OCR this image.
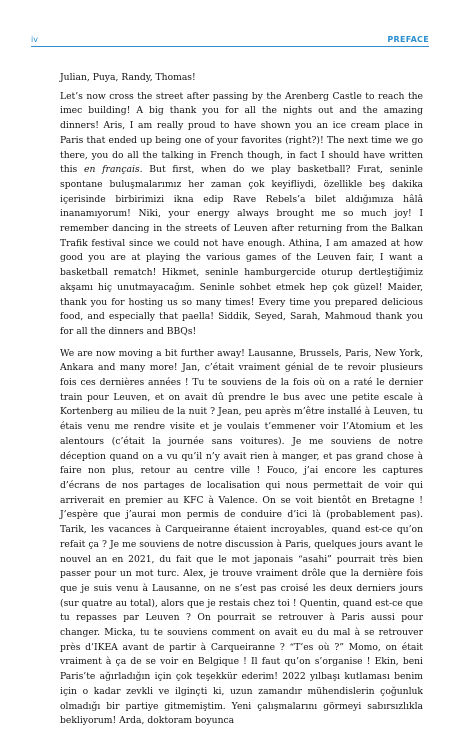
iv	PREFACE

Julian, Puya, Randy, Thomas!

Let’s now cross the street after passing by the Arenberg Castle to reach the imec building! A big thank you for all the nights out and the amazing dinners! Aris, I am really proud to have shown you an ice cream place in Paris that ended up being one of your favorites (right?)! The next time we go there, you do all the talking in French though, in fact I should have written this en français. But first, when do we play basketball? Fırat, seninle spontane buluşmalarımız her zaman çok keyifliydi, özellikle beş dakika içerisinde birbirimizi ikna edip Rave Rebels’a bilet aldığımıza hâlâ inanamıyorum! Niki, your energy always brought me so much joy! I remember dancing in the streets of Leuven after returning from the Balkan Trafik festival since we could not have enough. Athina, I am amazed at how good you are at playing the various games of the Leuven fair, I want a basketball rematch! Hikmet, seninle hamburgercide oturup dertleştiğimiz akşamı hiç unutmayacağım. Seninle sohbet etmek hep çok güzel! Maider, thank you for hosting us so many times! Every time you prepared delicious food, and especially that paella! Siddik, Seyed, Sarah, Mahmoud thank you for all the dinners and BBQs!

We are now moving a bit further away! Lausanne, Brussels, Paris, New York, Ankara and many more! Jan, c’était vraiment génial de te revoir plusieurs fois ces dernières années ! Tu te souviens de la fois où on a raté le dernier train pour Leuven, et on avait dû prendre le bus avec une petite escale à Kortenberg au milieu de la nuit ? Jean, peu après m’être installé à Leuven, tu étais venu me rendre visite et je voulais t’emmener voir l’Atomium et les alentours (c’était la journée sans voitures). Je me souviens de notre déception quand on a vu qu’il n’y avait rien à manger, et pas grand chose à faire non plus, retour au centre ville ! Fouco, j’ai encore les captures d’écrans de nos partages de localisation qui nous permettait de voir qui arriverait en premier au KFC à Valence. On se voit bientôt en Bretagne ! J’espère que j’aurai mon permis de conduire d’ici là (probablement pas). Tarik, les vacances à Carqueiranne étaient incroyables, quand est-ce qu’on refait ça ? Je me souviens de notre discussion à Paris, quelques jours avant le nouvel an en 2021, du fait que le mot japonais “asahi” pourrait très bien passer pour un mot turc. Alex, je trouve vraiment drôle que la dernière fois que je suis venu à Lausanne, on ne s’est pas croisé les deux derniers jours (sur quatre au total), alors que je restais chez toi ! Quentin, quand est-ce que tu repasses par Leuven ? On pourrait se retrouver à Paris aussi pour changer. Micka, tu te souviens comment on avait eu du mal à se retrouver près d’IKEA avant de partir à Carqueiranne ? “T’es où ?” Momo, on était vraiment à ça de se voir en Belgique ! Il faut qu’on s’organise ! Ekin, beni Paris’te ağırladığın için çok teşekkür ederim! 2022 yılbaşı kutlaması benim için o kadar zevkli ve ilginçti ki, uzun zamandır mühendislerin çoğunluk olmadığı bir partiye gitmemiştim. Yeni çalışmalarını görmeyi sabırsızlıkla bekliyorum! Arda, doktoram boyunca
